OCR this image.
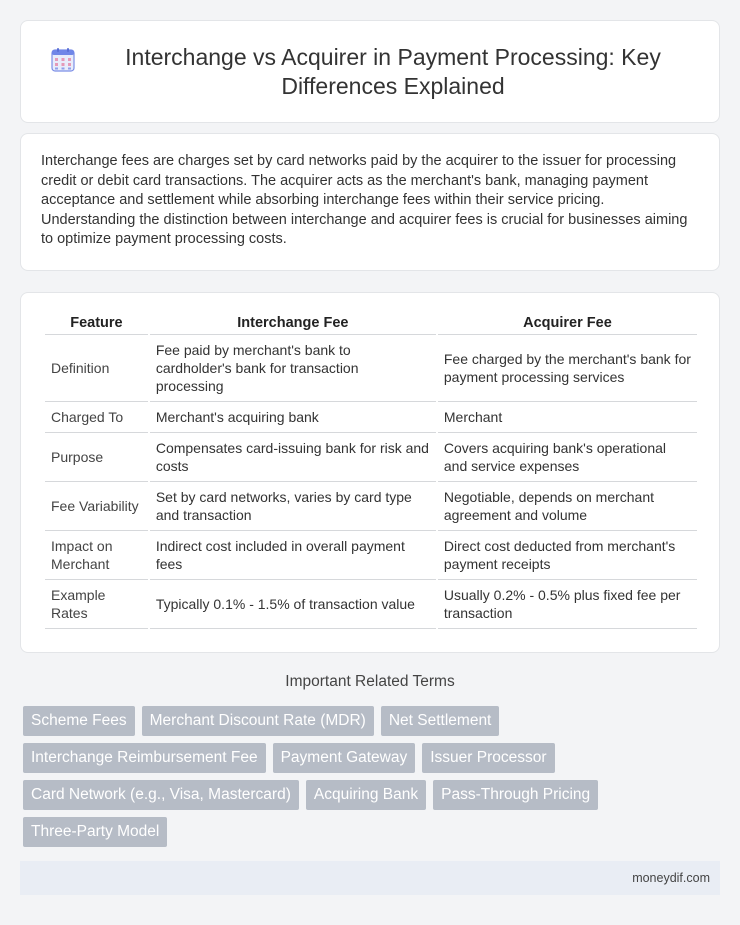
Interchange vs Acquirer in Payment Processing: Key Differences Explained

Interchange fees are charges set by card networks paid by the acquirer to the issuer for processing credit or debit card transactions. The acquirer acts as the merchant's bank, managing payment acceptance and settlement while absorbing interchange fees within their service pricing. Understanding the distinction between interchange and acquirer fees is crucial for businesses aiming to optimize payment processing costs.

Feature	Interchange Fee	Acquirer Fee
Definition	Fee paid by merchant's bank to cardholder's bank for transaction processing	Fee charged by the merchant's bank for payment processing services
Charged To	Merchant's acquiring bank	Merchant
Purpose	Compensates card-issuing bank for risk and costs	Covers acquiring bank's operational and service expenses
Fee Variability	Set by card networks, varies by card type and transaction	Negotiable, depends on merchant agreement and volume
Impact on Merchant	Indirect cost included in overall payment fees	Direct cost deducted from merchant's payment receipts
Example Rates	Typically 0.1% - 1.5% of transaction value	Usually 0.2% - 0.5% plus fixed fee per transaction
Important Related Terms
Scheme Fees	Merchant Discount Rate (MDR)	Net Settlement
Interchange Reimbursement Fee	Payment Gateway	Issuer Processor
Card Network (e.g., Visa, Mastercard)	Acquiring Bank	Pass-Through Pricing
Three-Party Model
moneydif.com
